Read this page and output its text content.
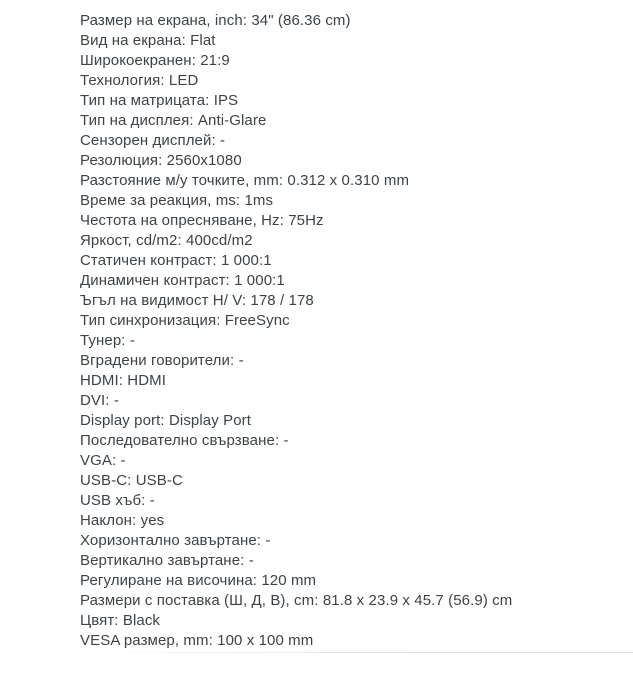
Размер на екрана, inch: 34" (86.36 cm)
Вид на екрана: Flat
Широкоекранен: 21:9
Технология: LED
Тип на матрицата: IPS
Тип на дисплея: Anti-Glare
Сензорен дисплей: -
Резолюция: 2560x1080
Разстояние м/у точките, mm: 0.312 x 0.310 mm
Време за реакция, ms: 1ms
Честота на опресняване, Hz: 75Hz
Яркост, cd/m2: 400cd/m2
Статичен контраст: 1 000:1
Динамичен контраст: 1 000:1
Ъгъл на видимост H/ V: 178 / 178
Тип синхронизация: FreeSync
Тунер: -
Вградени говорители: -
HDMI: HDMI
DVI: -
Display port: Display Port
Последователно свързване: -
VGA: -
USB-C: USB-C
USB хъб: -
Наклон: yes
Хоризонтално завъртане: -
Вертикално завъртане: -
Регулиране на височина: 120 mm
Размери с поставка (Ш, Д, В), cm: 81.8 x 23.9 x 45.7 (56.9) cm
Цвят: Black
VESA размер, mm: 100 x 100 mm
